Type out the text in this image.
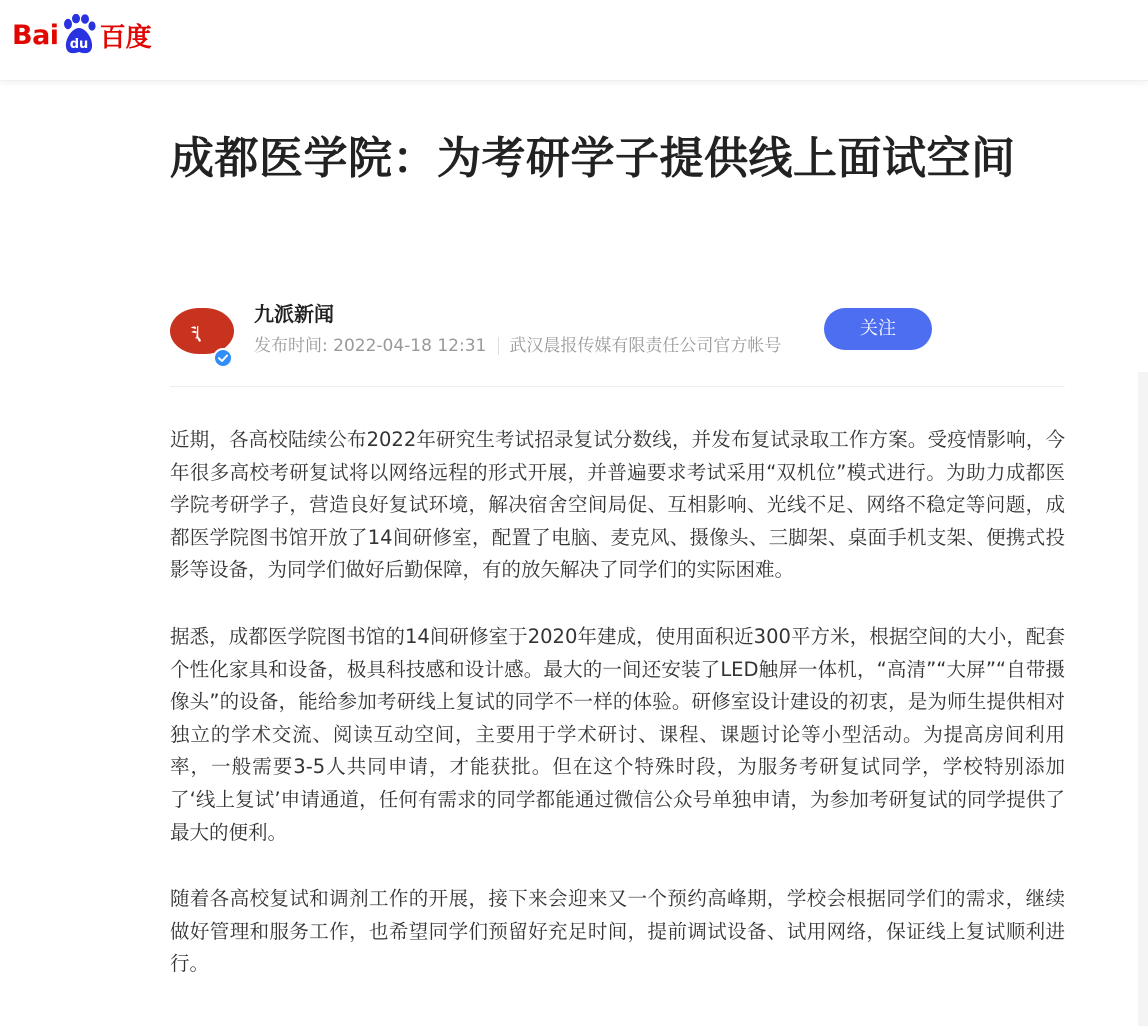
Bai du 百度
成都医学院：为考研学子提供线上面试空间
氵
九派新闻
发布时间: 2022-04-18 12:31 武汉晨报传媒有限责任公司官方帐号
关注

近期，各高校陆续公布2022年研究生考试招录复试分数线，并发布复试录取工作方案。受疫情影响，今年很多高校考研复试将以网络远程的形式开展，并普遍要求考试采用“双机位”模式进行。为助力成都医学院考研学子，营造良好复试环境，解决宿舍空间局促、互相影响、光线不足、网络不稳定等问题，成都医学院图书馆开放了14间研修室，配置了电脑、麦克风、摄像头、三脚架、桌面手机支架、便携式投影等设备，为同学们做好后勤保障，有的放矢解决了同学们的实际困难。

据悉，成都医学院图书馆的14间研修室于2020年建成，使用面积近300平方米，根据空间的大小，配套个性化家具和设备，极具科技感和设计感。最大的一间还安装了LED触屏一体机，“高清”“大屏”“自带摄像头”的设备，能给参加考研线上复试的同学不一样的体验。研修室设计建设的初衷，是为师生提供相对独立的学术交流、阅读互动空间，主要用于学术研讨、课程、课题讨论等小型活动。为提高房间利用率，一般需要3-5人共同申请，才能获批。但在这个特殊时段，为服务考研复试同学，学校特别添加了‘线上复试’申请通道，任何有需求的同学都能通过微信公众号单独申请，为参加考研复试的同学提供了最大的便利。

随着各高校复试和调剂工作的开展，接下来会迎来又一个预约高峰期，学校会根据同学们的需求，继续做好管理和服务工作，也希望同学们预留好充足时间，提前调试设备、试用网络，保证线上复试顺利进行。
